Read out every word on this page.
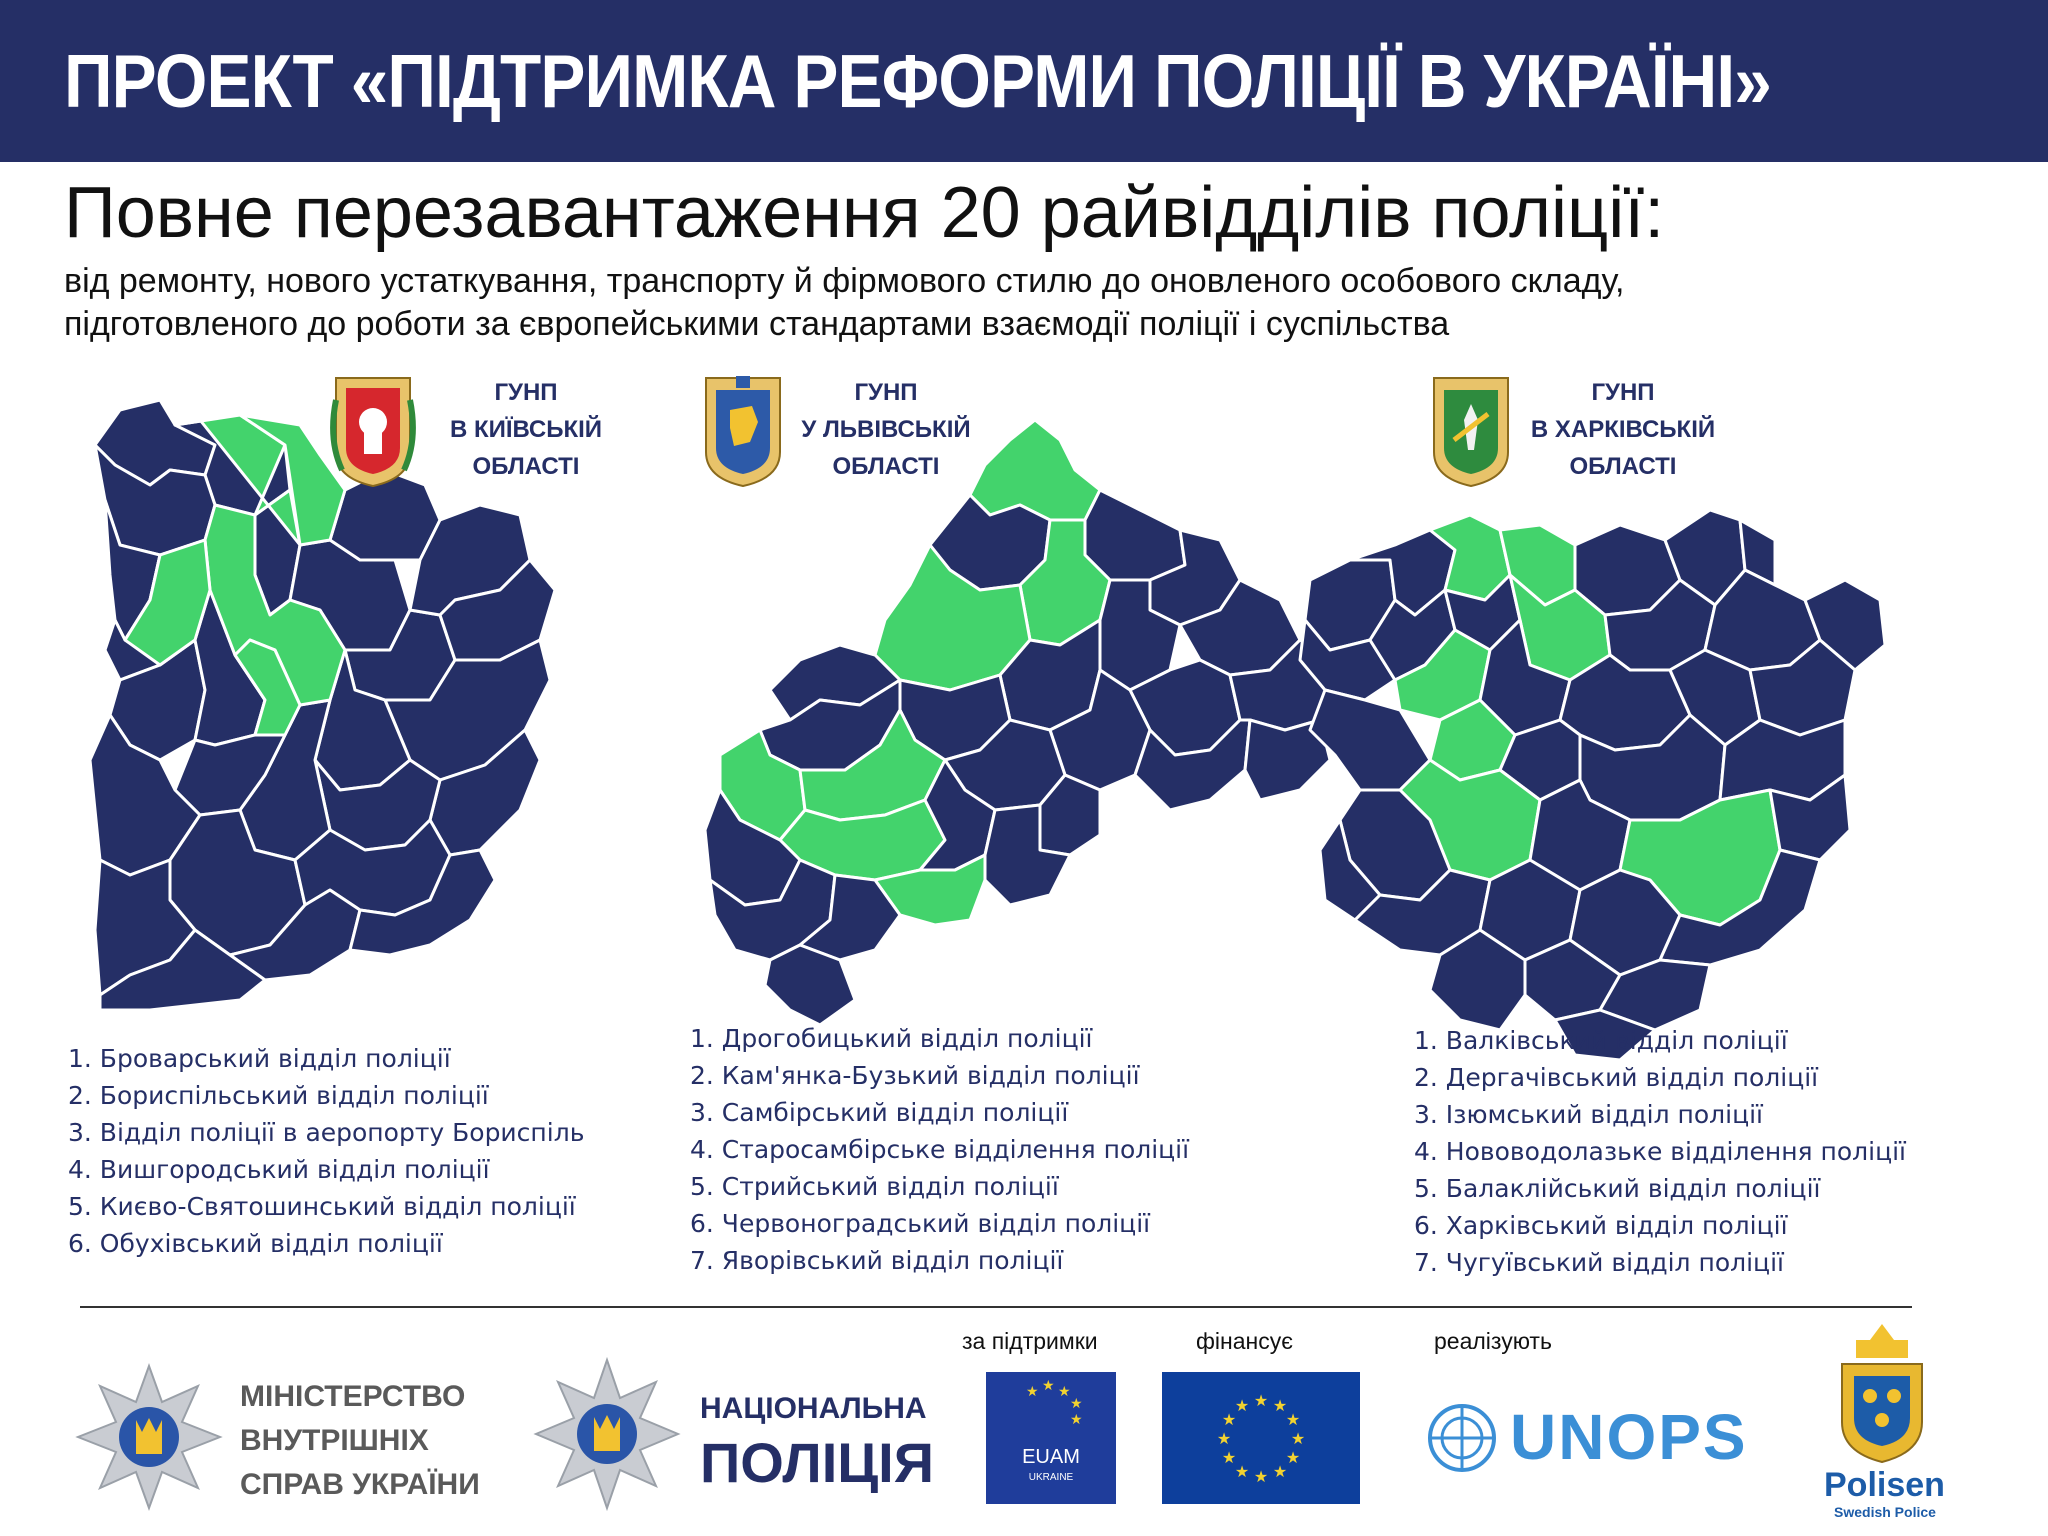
ПРОЕКТ «ПІДТРИМКА РЕФОРМИ ПОЛІЦІЇ В УКРАЇНІ»
Повне перезавантаження 20 райвідділів поліції:
від ремонту, нового устаткування, транспорту й фірмового стилю до оновленого особового складу,
підготовленого до роботи за європейськими стандартами взаємодії поліції і суспільства
ГУНП
В КИЇВСЬКІЙ
ОБЛАСТІ
ГУНП
У ЛЬВІВСЬКІЙ
ОБЛАСТІ
ГУНП
В ХАРКІВСЬКІЙ
ОБЛАСТІ
1. Броварський відділ поліції
2. Бориспільський відділ поліції
3. Відділ поліції в аеропорту Бориспіль
4. Вишгородський відділ поліції
5. Києво-Святошинський відділ поліції
6. Обухівський відділ поліції
1. Дрогобицький відділ поліції
2. Кам'янка-Бузький відділ поліції
3. Самбірський відділ поліції
4. Старосамбірське відділення поліції
5. Стрийський відділ поліції
6. Червоноградський відділ поліції
7. Яворівський відділ поліції
1. Валківський відділ поліції
2. Дергачівський відділ поліції
3. Ізюмський відділ поліції
4. Нововодолазьке відділення поліції
5. Балаклійський відділ поліції
6. Харківський відділ поліції
7. Чугуївський відділ поліції
за підтримки	фінансує	реалізують
МІНІСТЕРСТВО
ВНУТРІШНІХ
СПРАВ УКРАЇНИ
НАЦІОНАЛЬНА
ПОЛІЦІЯ
★ ★ ★
★
★
EUAM
UKRAINE
★ ★
★
★
★
★
★
★
★
★
★
★	UNOPS
Polisen
Swedish Police
